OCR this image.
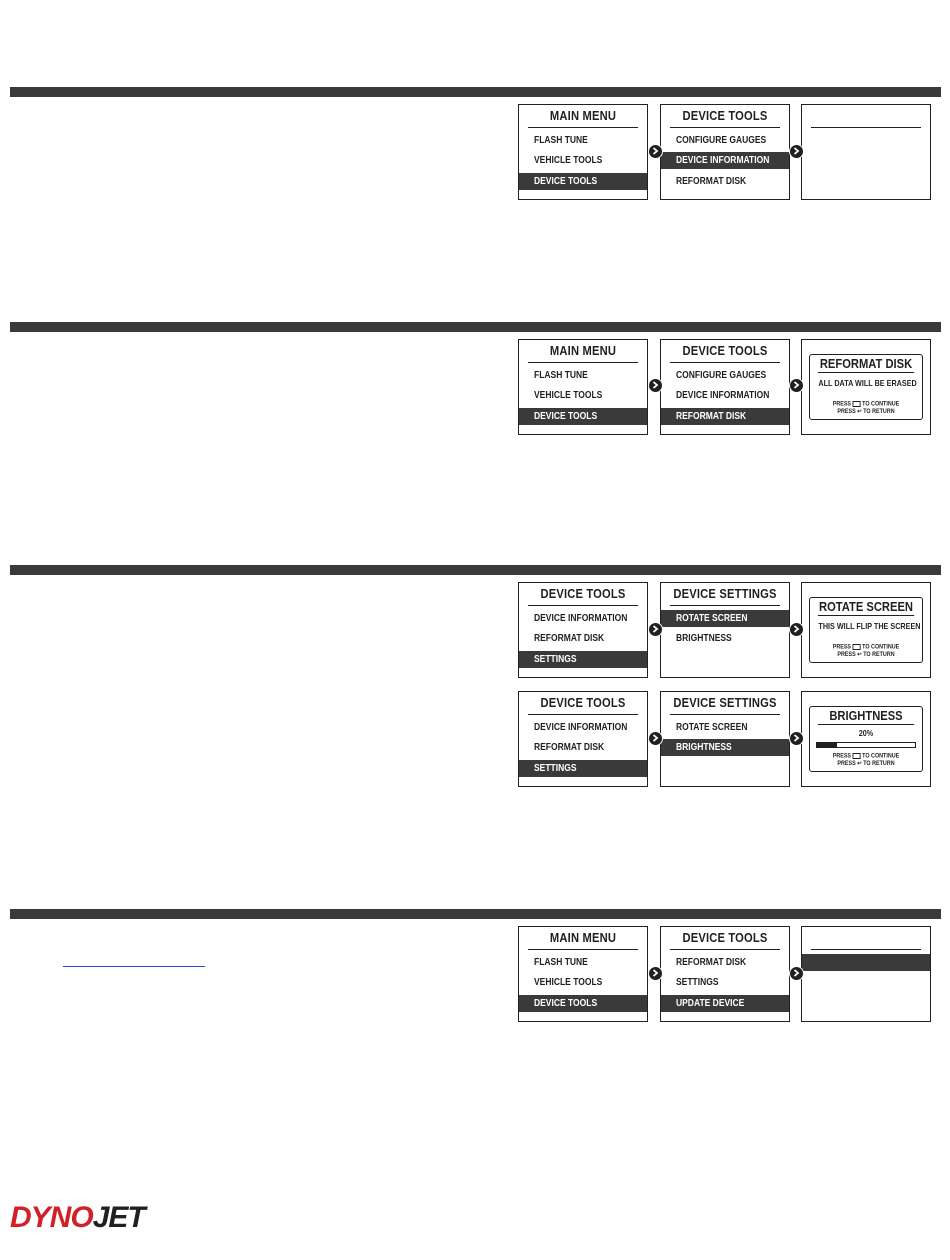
MAIN MENU
FLASH TUNE
VEHICLE TOOLS
DEVICE TOOLS
DEVICE TOOLS
CONFIGURE GAUGES
DEVICE INFORMATION
REFORMAT DISK
MAIN MENU
FLASH TUNE
VEHICLE TOOLS
DEVICE TOOLS
DEVICE TOOLS
CONFIGURE GAUGES
DEVICE INFORMATION
REFORMAT DISK
REFORMAT DISK
ALL DATA WILL BE ERASED
PRESS TO CONTINUE
PRESS ↩ TO RETURN
DEVICE TOOLS
DEVICE INFORMATION
REFORMAT DISK
SETTINGS
DEVICE SETTINGS
ROTATE SCREEN
BRIGHTNESS
ROTATE SCREEN
THIS WILL FLIP THE SCREEN
PRESS TO CONTINUE
PRESS ↩ TO RETURN
DEVICE TOOLS
DEVICE INFORMATION
REFORMAT DISK
SETTINGS
DEVICE SETTINGS
ROTATE SCREEN
BRIGHTNESS
BRIGHTNESS
20%
PRESS TO CONTINUE
PRESS ↩ TO RETURN
MAIN MENU
FLASH TUNE
VEHICLE TOOLS
DEVICE TOOLS
DEVICE TOOLS
REFORMAT DISK
SETTINGS
UPDATE DEVICE
DYNOJET
